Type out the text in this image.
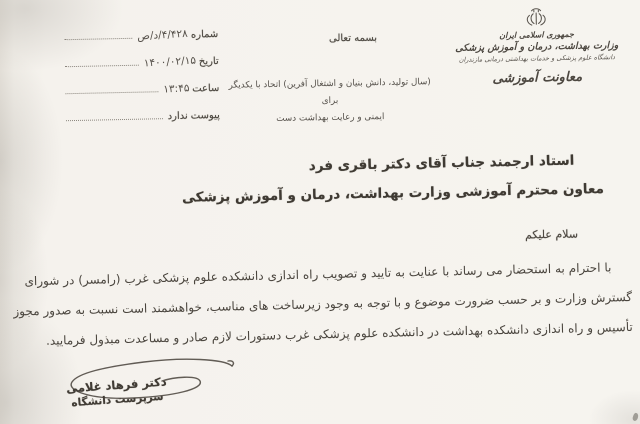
شماره
۴/۴۲۸/د/ص
تاریخ
۱۴۰۰/۰۲/۱۵
ساعت
۱۳:۴۵
پیوست
ندارد
بسمه تعالی
(سال تولید، دانش بنیان و اشتغال آفرین) اتحاد با یکدیگر برای
ایمنی و رعایت بهداشت دست
جمهوری اسلامی ایران
وزارت بهداشت، درمان و آموزش پزشکی
دانشگاه علوم پزشکی و خدمات بهداشتی درمانی مازندران
معاونت آموزشی
استاد ارجمند جناب آقای دکتر باقری فرد
معاون محترم آموزشی وزارت بهداشت، درمان و آموزش پزشکی
سلام علیکم
با احترام به استحضار می رساند با عنایت به تایید و تصویب راه اندازی دانشکده علوم پزشکی غرب (رامسر) در شورای
گسترش وزارت و بر حسب ضرورت موضوع و با توجه به وجود زیرساخت های مناسب، خواهشمند است نسبت به صدور مجوز
تأسیس و راه اندازی دانشکده بهداشت در دانشکده علوم پزشکی غرب دستورات لازم صادر و مساعدت مبذول فرمایید.
دکتر فرهاد غلامی
سرپرست دانشگاه
